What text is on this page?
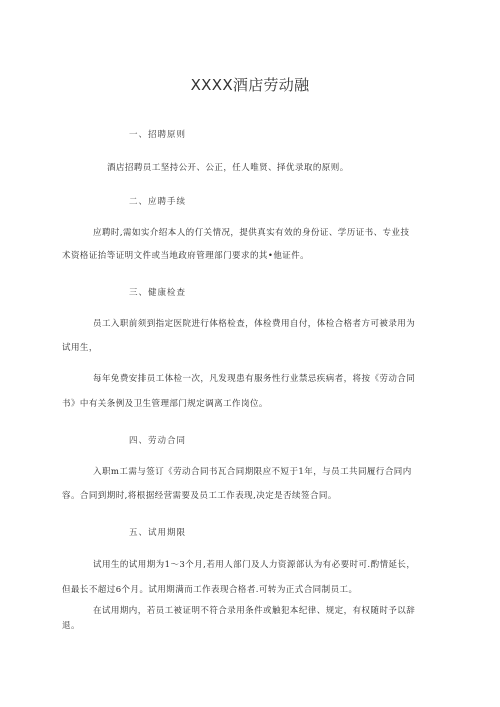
XXXX酒店劳动融
一、招聘原则
酒店招聘员工坚持公开、公正，任人唯贤、择优录取的原则。
二、应聘手续
应聘时,需如实介绍本人的仃关情况，提供真实有效的身份证、学历证书、专业技
术资格证抬等证明文件或当地政府管理部门要求的其•他证件。
三、健康检查
员工入职前须到指定医院进行体格检查，体检费用自付，体检合格者方可被录用为
试用生，
每年免费安排员工体检一次，凡发现患有服务性行业禁忌疾病者，将按《劳动合同
书》中有关条例及卫生管理部门规定调离工作岗位。
四、劳动合同
入职m工需与签订《劳动合同书瓦合同期限应不短于1年，与员工共同履行合同内
容。合同到期时,将根据经营需要及员工工作表现,决定是否续签合同。
五、试用期限
试用生的试用期为1～3个月,若用人部门及人力资源部认为有必要时可.酌情延长，
但最长不超过6个月。试用期满而工作表现合格者.可转为正式合同制员工。
在试用期内，若员工被证明不符合录用条件或触犯本纪律、规定，有权随时予以辞
退。
